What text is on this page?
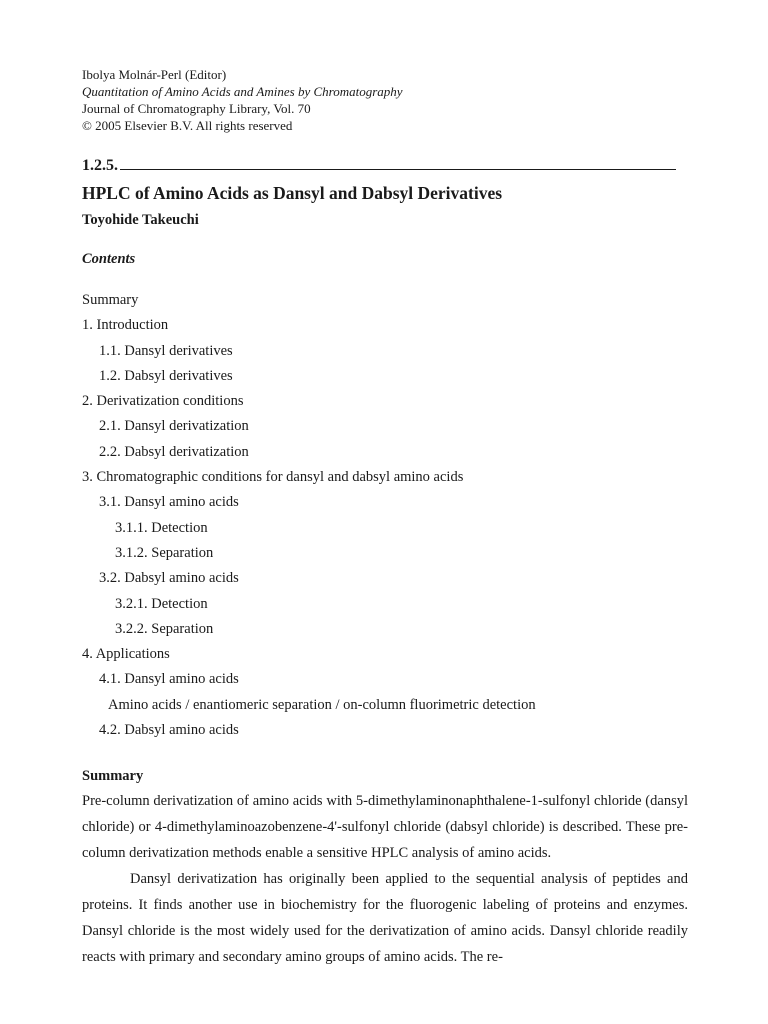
Ibolya Molnár-Perl (Editor)
Quantitation of Amino Acids and Amines by Chromatography
Journal of Chromatography Library, Vol. 70
© 2005 Elsevier B.V. All rights reserved
1.2.5.
HPLC of Amino Acids as Dansyl and Dabsyl Derivatives
Toyohide Takeuchi
Contents
Summary
1. Introduction
1.1. Dansyl derivatives
1.2. Dabsyl derivatives
2. Derivatization conditions
2.1. Dansyl derivatization
2.2. Dabsyl derivatization
3. Chromatographic conditions for dansyl and dabsyl amino acids
3.1. Dansyl amino acids
3.1.1. Detection
3.1.2. Separation
3.2. Dabsyl amino acids
3.2.1. Detection
3.2.2. Separation
4. Applications
4.1. Dansyl amino acids
Amino acids / enantiomeric separation / on-column fluorimetric detection
4.2. Dabsyl amino acids
Summary

Pre-column derivatization of amino acids with 5-dimethylaminonaphthalene-1-sulfonyl chloride (dansyl chloride) or 4-dimethylaminoazobenzene-4'-sulfonyl chloride (dabsyl chloride) is described. These pre-column derivatization methods enable a sensitive HPLC analysis of amino acids.

Dansyl derivatization has originally been applied to the sequential analysis of peptides and proteins. It finds another use in biochemistry for the fluorogenic labeling of proteins and enzymes. Dansyl chloride is the most widely used for the derivatization of amino acids. Dansyl chloride readily reacts with primary and secondary amino groups of amino acids. The re-
